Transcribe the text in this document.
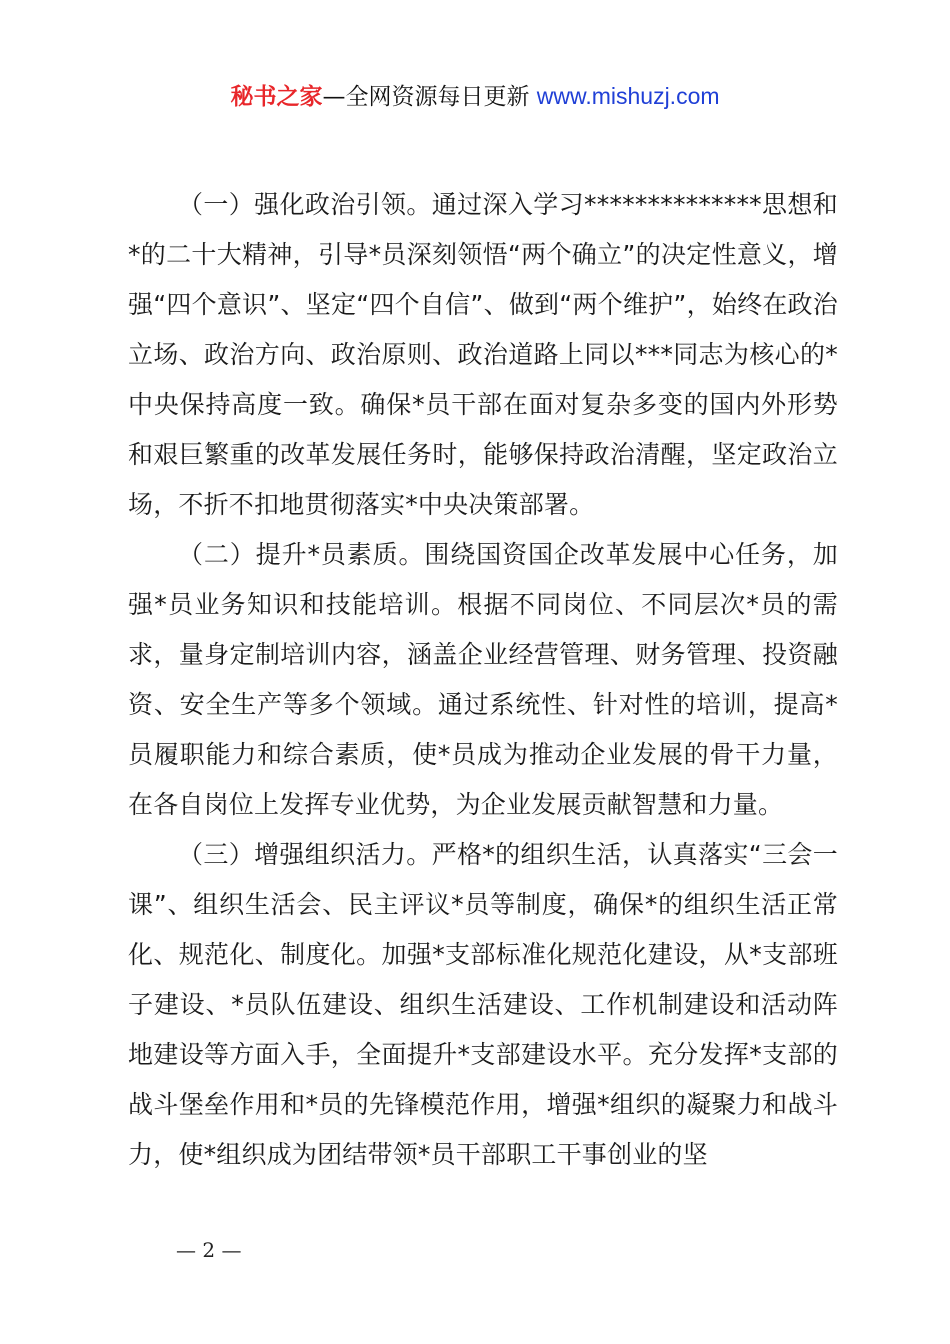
秘书之家—全网资源每日更新 www.mishuzj.com

（一）强化政治引领。通过深入学习**************思想和*的二十大精神，引导*员深刻领悟“两个确立”的决定性意义，增强“四个意识”、坚定“四个自信”、做到“两个维护”，始终在政治立场、政治方向、政治原则、政治道路上同以***同志为核心的*中央保持高度一致。确保*员干部在面对复杂多变的国内外形势和艰巨繁重的改革发展任务时，能够保持政治清醒，坚定政治立场，不折不扣地贯彻落实*中央决策部署。

（二）提升*员素质。围绕国资国企改革发展中心任务，加强*员业务知识和技能培训。根据不同岗位、不同层次*员的需求，量身定制培训内容，涵盖企业经营管理、财务管理、投资融资、安全生产等多个领域。通过系统性、针对性的培训，提高*员履职能力和综合素质，使*员成为推动企业发展的骨干力量，在各自岗位上发挥专业优势，为企业发展贡献智慧和力量。

（三）增强组织活力。严格*的组织生活，认真落实“三会一课”、组织生活会、民主评议*员等制度，确保*的组织生活正常化、规范化、制度化。加强*支部标准化规范化建设，从*支部班子建设、*员队伍建设、组织生活建设、工作机制建设和活动阵地建设等方面入手，全面提升*支部建设水平。充分发挥*支部的战斗堡垒作用和*员的先锋模范作用，增强*组织的凝聚力和战斗力，使*组织成为团结带领*员干部职工干事创业的坚

— 2 —
